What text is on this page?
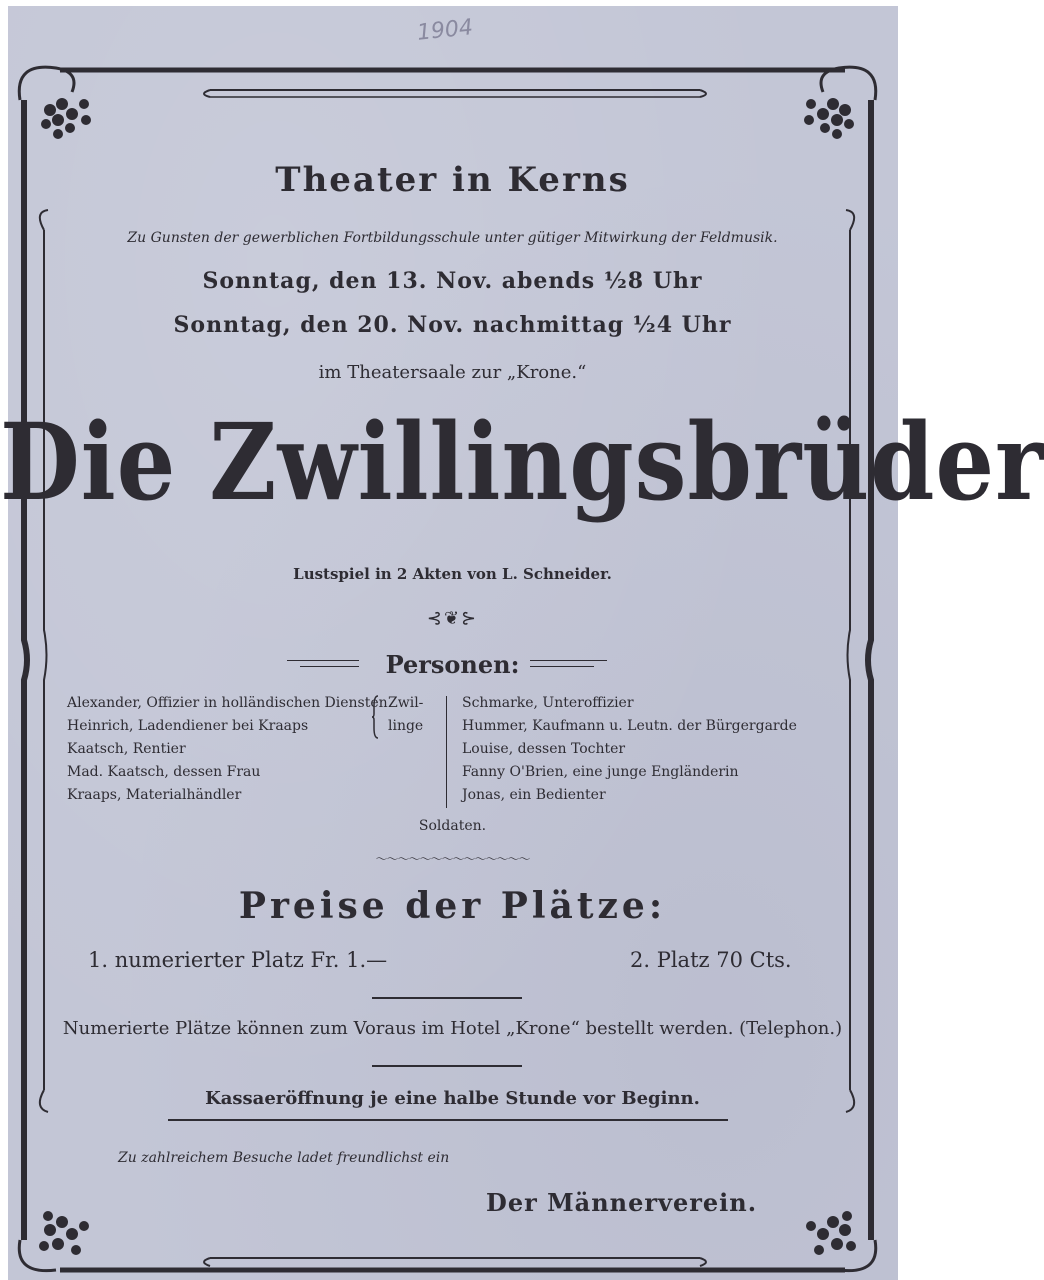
1904
Theater in Kerns
Zu Gunsten der gewerblichen Fortbildungsschule unter gütiger Mitwirkung der Feldmusik.
Sonntag, den 13. Nov. abends ½8 Uhr
Sonntag, den 20. Nov. nachmittag ½4 Uhr
im Theatersaale zur „Krone.“
Die Zwillingsbrüder
Lustspiel in 2 Akten von L. Schneider.
⊰❦⊱
Personen:
Alexander, Offizier in holländischen Diensten
Heinrich, Ladendiener bei Kraaps
Kaatsch, Rentier
Mad. Kaatsch, dessen Frau
Kraaps, Materialhändler
Zwil-
linge
Schmarke, Unteroffizier
Hummer, Kaufmann u. Leutn. der Bürgergarde
Louise, dessen Tochter
Fanny O'Brien, eine junge Engländerin
Jonas, ein Bedienter
Soldaten.
～～～～～～～～～～～～～～
Preise der Plätze:
1. numerierter Platz Fr. 1.—	2. Platz 70 Cts.
Numerierte Plätze können zum Voraus im Hotel „Krone“ bestellt werden. (Telephon.)
Kassaeröffnung je eine halbe Stunde vor Beginn.
Zu zahlreichem Besuche ladet freundlichst ein
Der Männerverein.
